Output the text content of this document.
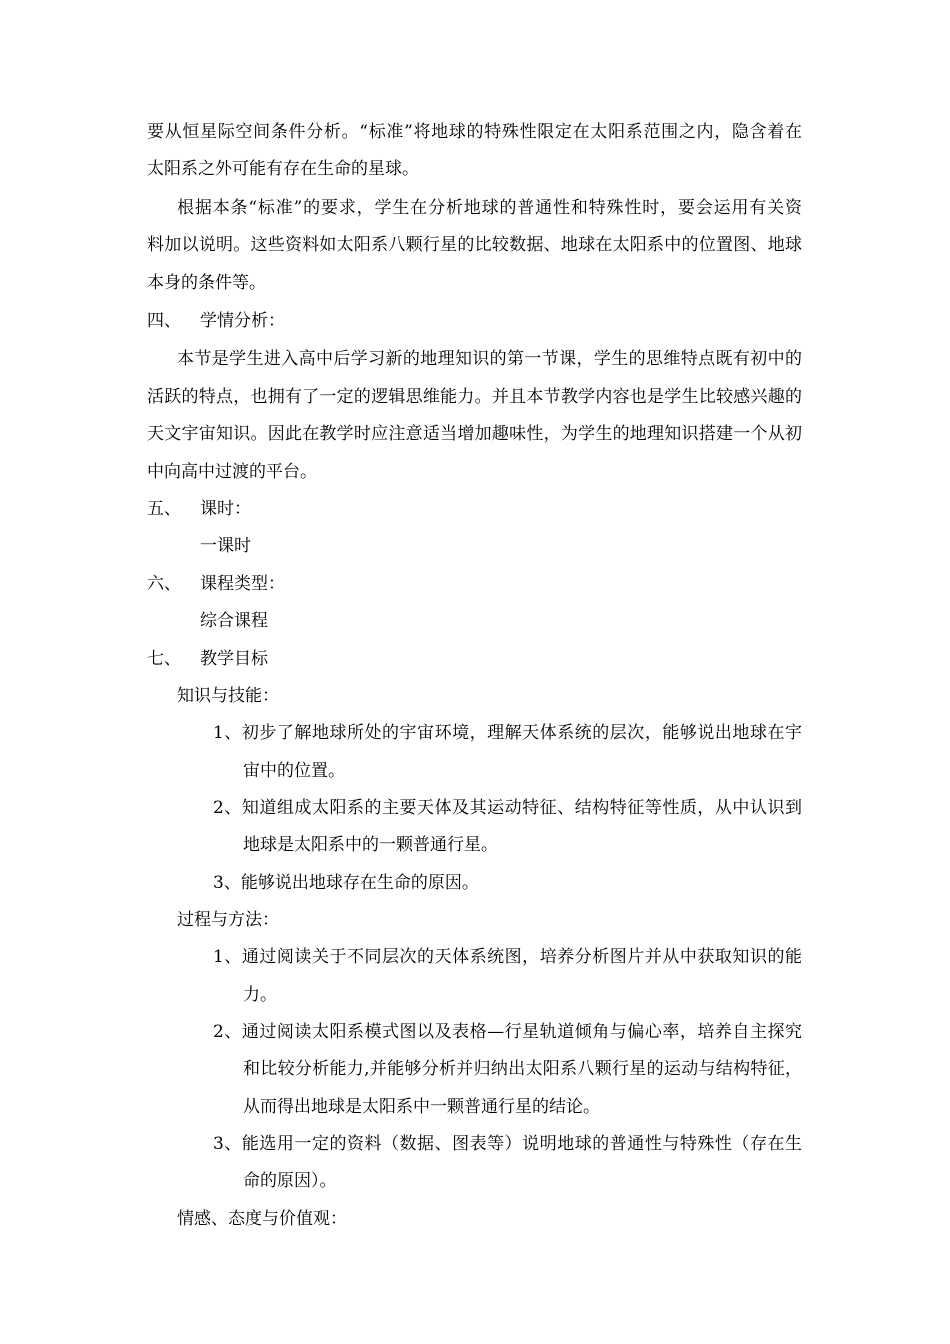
要从恒星际空间条件分析。“标准”将地球的特殊性限定在太阳系范围之内，隐含着在
太阳系之外可能有存在生命的星球。
根据本条“标准”的要求，学生在分析地球的普通性和特殊性时，要会运用有关资
料加以说明。这些资料如太阳系八颗行星的比较数据、地球在太阳系中的位置图、地球
本身的条件等。
四、 学情分析：
本节是学生进入高中后学习新的地理知识的第一节课，学生的思维特点既有初中的
活跃的特点，也拥有了一定的逻辑思维能力。并且本节教学内容也是学生比较感兴趣的
天文宇宙知识。因此在教学时应注意适当增加趣味性，为学生的地理知识搭建一个从初
中向高中过渡的平台。
五、 课时：
一课时
六、 课程类型：
综合课程
七、 教学目标
知识与技能：
1、初步了解地球所处的宇宙环境，理解天体系统的层次，能够说出地球在宇
宙中的位置。
2、知道组成太阳系的主要天体及其运动特征、结构特征等性质，从中认识到
地球是太阳系中的一颗普通行星。
3、能够说出地球存在生命的原因。
过程与方法：
1、通过阅读关于不同层次的天体系统图，培养分析图片并从中获取知识的能
力。
2、通过阅读太阳系模式图以及表格—行星轨道倾角与偏心率，培养自主探究
和比较分析能力,并能够分析并归纳出太阳系八颗行星的运动与结构特征，
从而得出地球是太阳系中一颗普通行星的结论。
3、能选用一定的资料（数据、图表等）说明地球的普通性与特殊性（存在生
命的原因）。
情感、态度与价值观：
